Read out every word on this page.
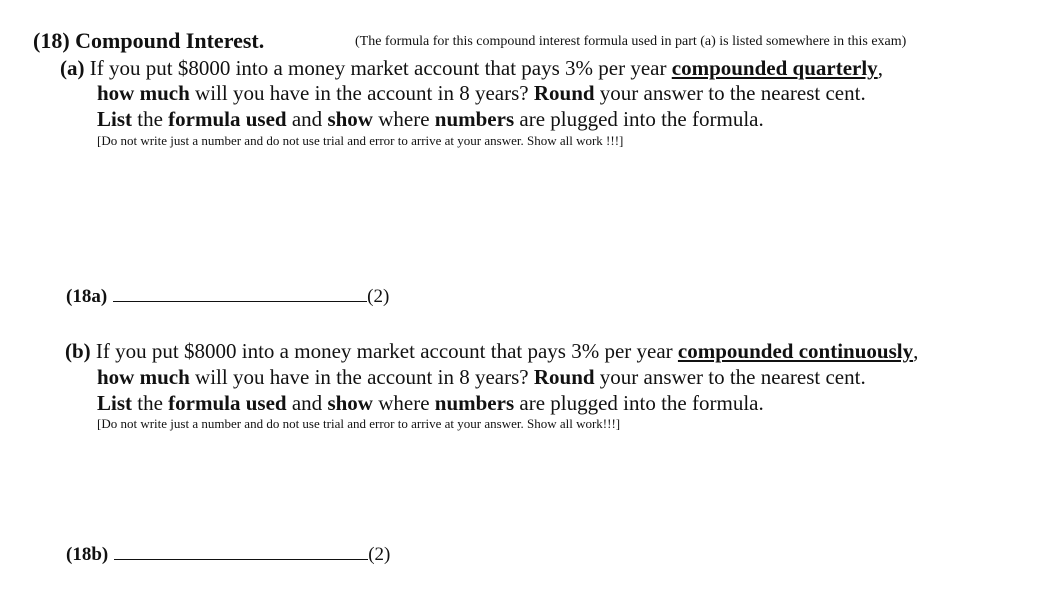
(18) Compound Interest.	(The formula for this compound interest formula used in part (a) is listed somewhere in this exam)
(a) If you put $8000 into a money market account that pays 3% per year compounded quarterly,
how much will you have in the account in 8 years? Round your answer to the nearest cent.
List the formula used and show where numbers are plugged into the formula.
[Do not write just a number and do not use trial and error to arrive at your answer. Show all work !!!]
(18a)	(2)
(b) If you put $8000 into a money market account that pays 3% per year compounded continuously,
how much will you have in the account in 8 years? Round your answer to the nearest cent.
List the formula used and show where numbers are plugged into the formula.
[Do not write just a number and do not use trial and error to arrive at your answer. Show all work!!!]
(18b)	(2)
